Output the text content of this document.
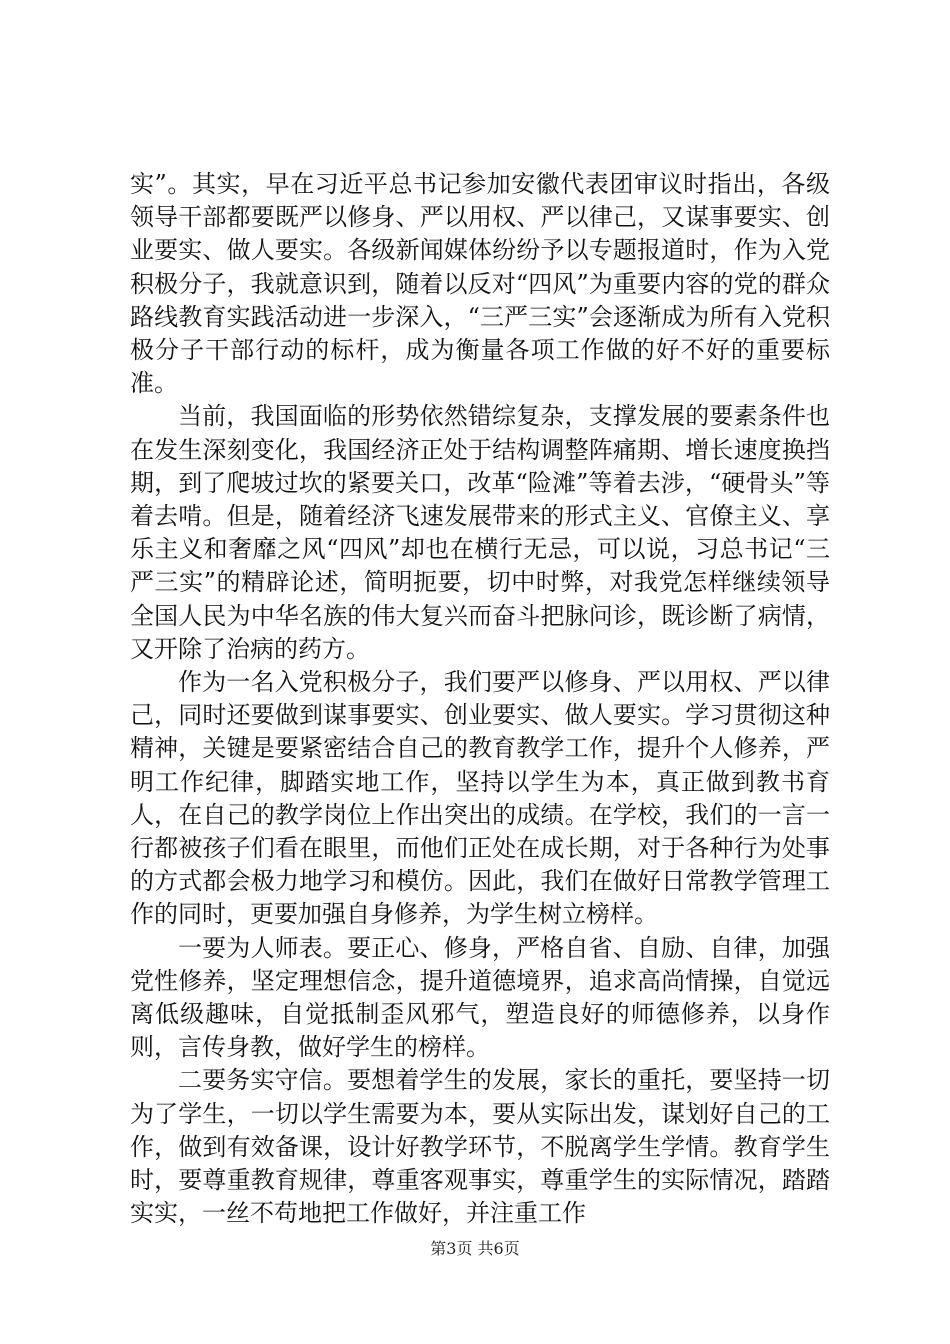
实”。其实，早在习近平总书记参加安徽代表团审议时指出，各级领导干部都要既严以修身、严以用权、严以律己，又谋事要实、创业要实、做人要实。各级新闻媒体纷纷予以专题报道时，作为入党积极分子，我就意识到，随着以反对“四风”为重要内容的党的群众路线教育实践活动进一步深入，“三严三实”会逐渐成为所有入党积极分子干部行动的标杆，成为衡量各项工作做的好不好的重要标准。

当前，我国面临的形势依然错综复杂，支撑发展的要素条件也在发生深刻变化，我国经济正处于结构调整阵痛期、增长速度换挡期，到了爬坡过坎的紧要关口，改革“险滩”等着去涉，“硬骨头”等着去啃。但是，随着经济飞速发展带来的形式主义、官僚主义、享乐主义和奢靡之风“四风”却也在横行无忌，可以说，习总书记“三严三实”的精辟论述，简明扼要，切中时弊，对我党怎样继续领导全国人民为中华名族的伟大复兴而奋斗把脉问诊，既诊断了病情，又开除了治病的药方。

作为一名入党积极分子，我们要严以修身、严以用权、严以律己，同时还要做到谋事要实、创业要实、做人要实。学习贯彻这种精神，关键是要紧密结合自己的教育教学工作，提升个人修养，严明工作纪律，脚踏实地工作，坚持以学生为本，真正做到教书育人，在自己的教学岗位上作出突出的成绩。在学校，我们的一言一行都被孩子们看在眼里，而他们正处在成长期，对于各种行为处事的方式都会极力地学习和模仿。因此，我们在做好日常教学管理工作的同时，更要加强自身修养，为学生树立榜样。

一要为人师表。要正心、修身，严格自省、自励、自律，加强党性修养，坚定理想信念，提升道德境界，追求高尚情操，自觉远离低级趣味，自觉抵制歪风邪气，塑造良好的师德修养，以身作则，言传身教，做好学生的榜样。

二要务实守信。要想着学生的发展，家长的重托，要坚持一切为了学生，一切以学生需要为本，要从实际出发，谋划好自己的工作，做到有效备课，设计好教学环节，不脱离学生学情。教育学生时，要尊重教育规律，尊重客观事实，尊重学生的实际情况，踏踏实实，一丝不苟地把工作做好，并注重工作

第3页 共6页
